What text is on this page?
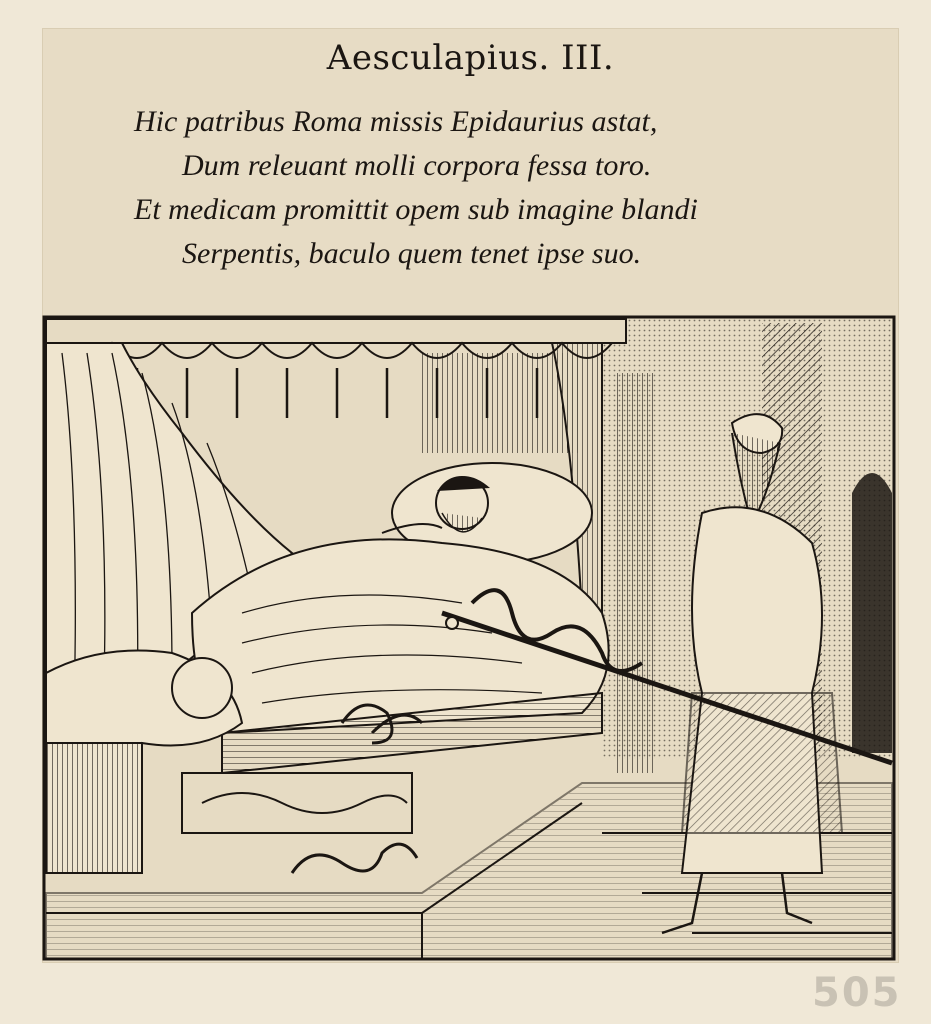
Aesculapius. III.
Hic patribus Roma missis Epidaurius astat,
Dum releuant molli corpora fessa toro.
Et medicam promittit opem sub imagine blandi
Serpentis, baculo quem tenet ipse suo.
505
